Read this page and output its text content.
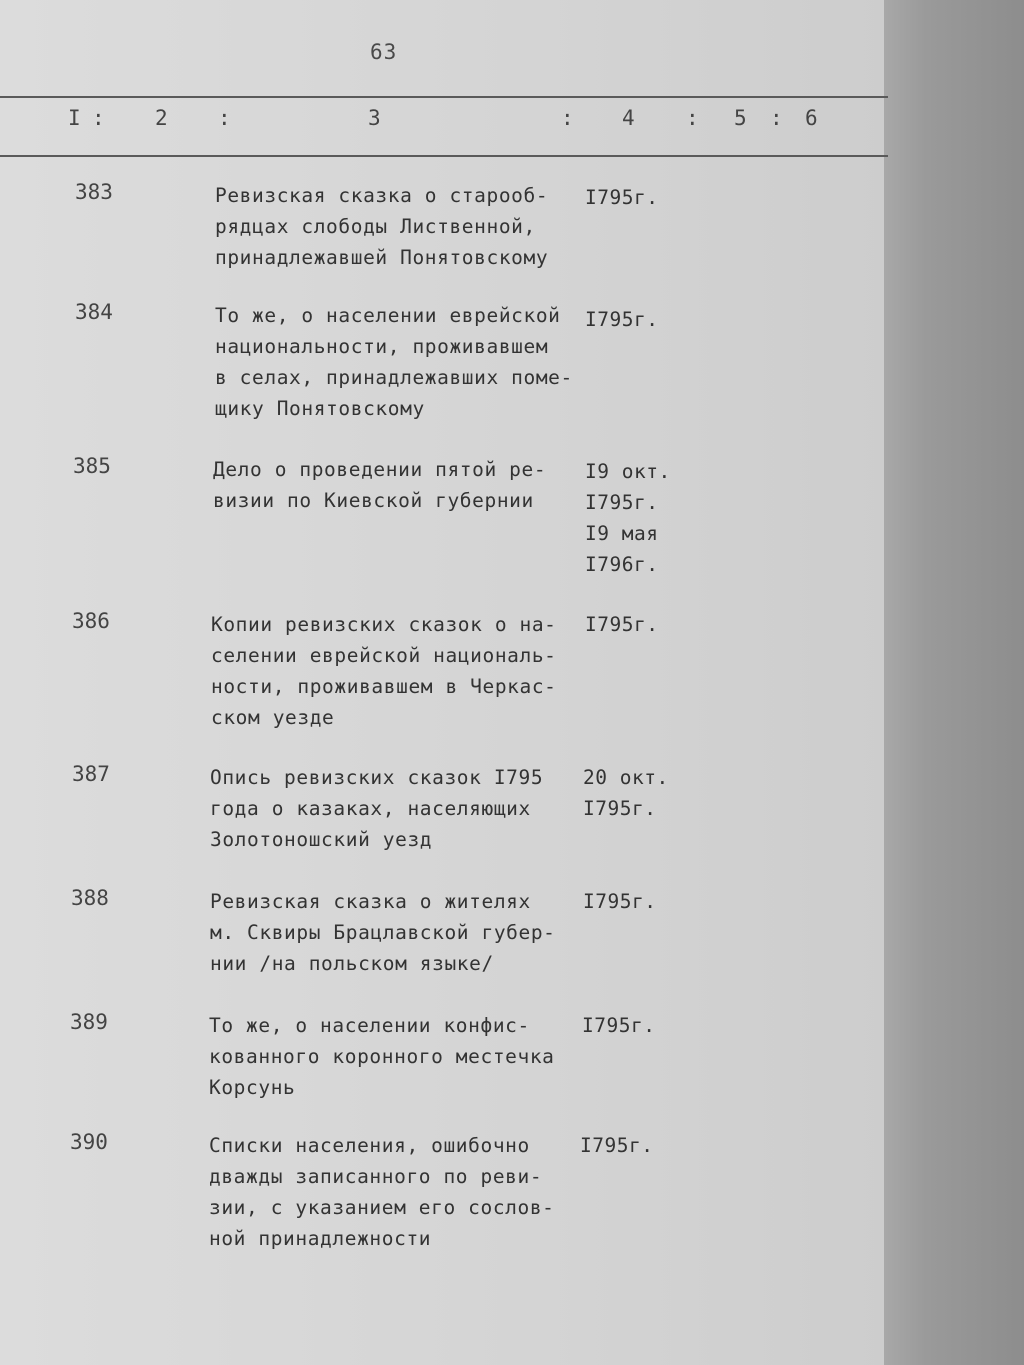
63
I : 2 :	3	: 4 : 5 : 6
383	Ревизская сказка о старооб-
рядцах слободы Лиственной,
принадлежавшей Понятовскому
I795г.
384	То же, о населении еврейской
национальности, проживавшем
в селах, принадлежавших поме-
щику Понятовскому
I795г.
385	Дело о проведении пятой ре-
визии по Киевской губернии
I9 окт.
I795г.
I9 мая
I796г.
386	Копии ревизских сказок о на-
селении еврейской националь-
ности, проживавшем в Черкас-
ском уезде
I795г.
387	Опись ревизских сказок I795
года о казаках, населяющих
Золотоношский уезд
20 окт.
I795г.
388	Ревизская сказка о жителях
м. Сквиры Брацлавской губер-
нии /на польском языке/
I795г.
389	То же, о населении конфис-
кованного коронного местечка
Корсунь
I795г.
390	Списки населения, ошибочно
дважды записанного по реви-
зии, с указанием его сослов-
ной принадлежности
I795г.
